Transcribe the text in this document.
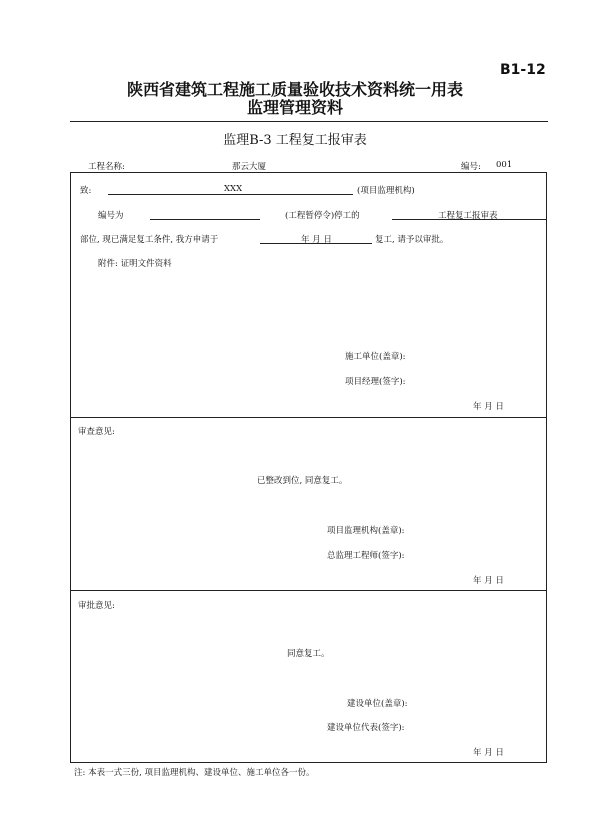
B1-12
陕西省建筑工程施工质量验收技术资料统一用表
监理管理资料
监理B-3 工程复工报审表
工程名称:	那云大厦	编号: 001
致:	XXX	(项目监理机构)
编号为	(工程暂停令)停工的	工程复工报审表
部位, 现已满足复工条件, 我方申请于	年 月 日	复工, 请予以审批。
附件: 证明文件资料
施工单位(盖章):
项目经理(签字):
年 月 日
审查意见:
已整改到位, 同意复工。
项目监理机构(盖章):
总监理工程师(签字):
年 月 日
审批意见:
同意复工。
建设单位(盖章):
建设单位代表(签字):
年 月 日
注: 本表一式三份, 项目监理机构、建设单位、施工单位各一份。
